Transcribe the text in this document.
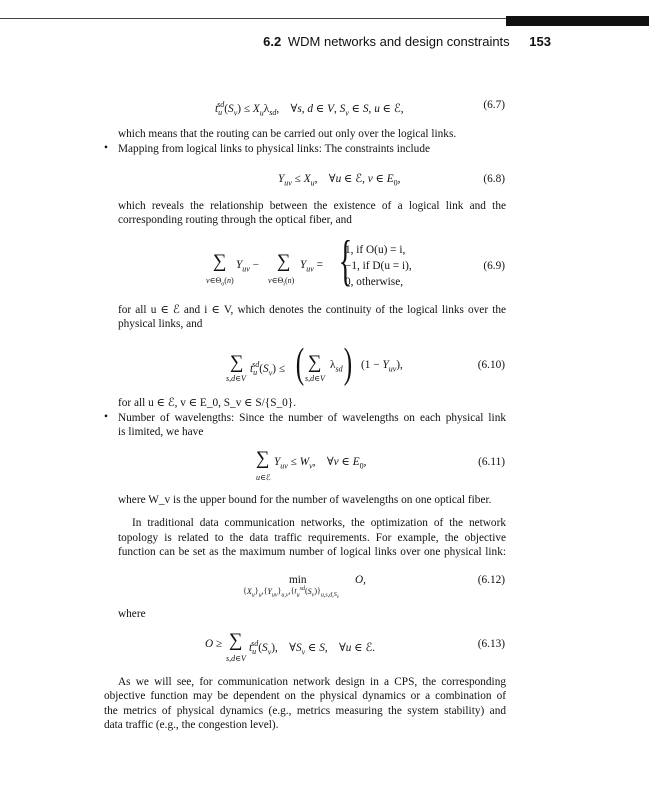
6.2 WDM networks and design constraints 153
$t_u^{sd}(S_v) \le X_u\lambda_{sd}$,    ∀s, d ∈ V, $S_v$ ∈ S, u ∈ ℰ,	(6.7)
which means that the routing can be carried out only over the logical links.
• Mapping from logical links to physical links: The constraints include
$Y_{uv} \le X_u$,    ∀u ∈ ℰ, v ∈ $E_0$,	(6.8)
which reveals the relationship between the existence of a logical link and the
corresponding routing through the optical fiber, and
∑ $Y_{uv}$ −
$v\in\Theta_o(n)$
∑ $Y_{uv}$ =
$v\in\Theta_i(n)$ {
1, if O(u) = i,
−1, if D(u = i),
0, otherwise,
(6.9)
for all u ∈ ℰ and i ∈ V, which denotes the continuity of the logical links over the
physical links, and
∑ $t_u^{sd}(S_v)$ ≤
s,d∈V ( ∑ $\lambda_{sd}$
s,d∈V ) $(1 - Y_{uv})$,	(6.10)
for all u ∈ ℰ, v ∈ E_0, S_v ∈ S/{S_0}.
• Number of wavelengths: Since the number of wavelengths on each physical link
is limited, we have
∑ $Y_{uv} \le W_v$,    ∀v ∈ $E_0$,
u∈ℰ
(6.11)
where W_v is the upper bound for the number of wavelengths on one optical fiber.
In traditional data communication networks, the optimization of the network
topology is related to the data traffic requirements. For example, the objective
function can be set as the maximum number of logical links over one physical link:
min	O,
$\{X_u\}_u,\{Y_{uv}\}_{u,v},\{t_u^{sd}(S_v)\}_{u,s,d,S_v}$
(6.12)
where
O ≥ ∑ $t_u^{sd}(S_v)$,    $\forall S_v$ ∈ S,    ∀u ∈ ℰ.
s,d∈V
(6.13)
As we will see, for communication network design in a CPS, the corresponding
objective function may be dependent on the physical dynamics or a combination of
the metrics of physical dynamics (e.g., metrics measuring the system stability) and
data traffic (e.g., the congestion level).
